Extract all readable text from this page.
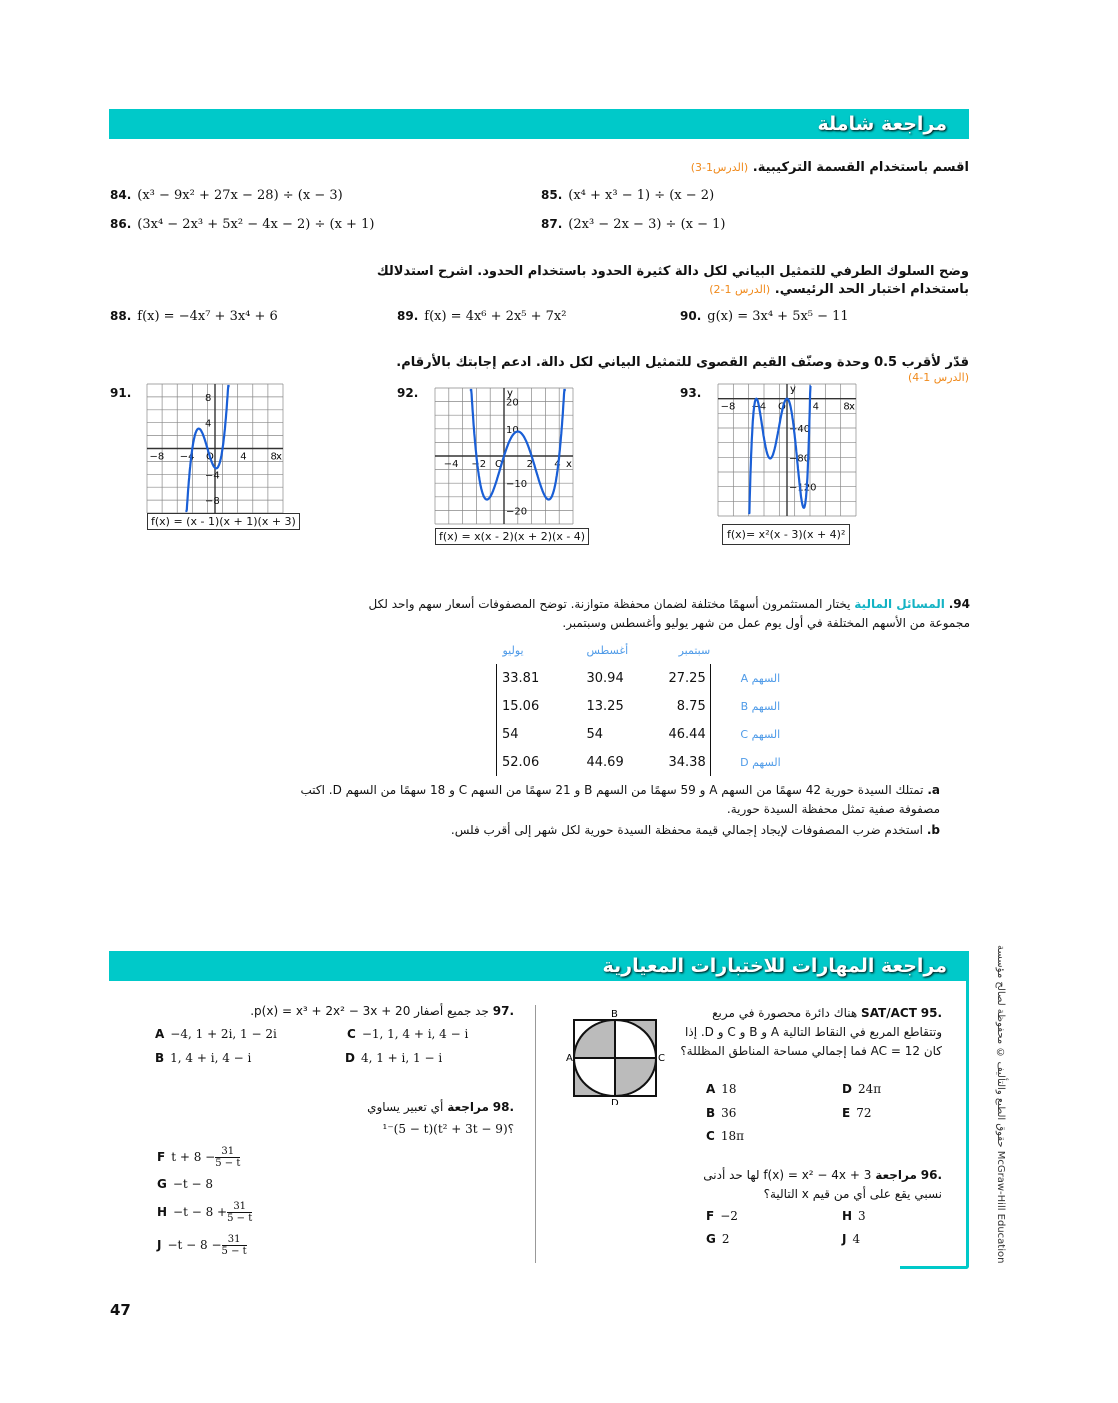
مراجعة شاملة
اقسم باستخدام القسمة التركيبية. (الدرس1-3)
84. (x³ − 9x² + 27x − 28) ÷ (x − 3)	85. (x⁴ + x³ − 1) ÷ (x − 2)
86. (3x⁴ − 2x³ + 5x² − 4x − 2) ÷ (x + 1)	87. (2x³ − 2x − 3) ÷ (x − 1)
وضح السلوك الطرفي للتمثيل البياني لكل دالة كثيرة الحدود باستخدام الحدود. اشرح استدلالك باستخدام اختبار الحد الرئيسي. (الدرس 1-2)
88. f(x) = −4x⁷ + 3x⁴ + 6	89. f(x) = 4x⁶ + 2x⁵ + 7x²	90. g(x) = 3x⁴ + 5x⁵ − 11
قدّر لأقرب 0.5 وحدة وصنّف القيم القصوى للتمثيل البياني لكل دالة. ادعم إجابتك بالأرقام. (الدرس 1-4)
91.	92.	93.
−8 −4	4 8
8
4
−4
−8
O	x
−4 −2	2 4
20
10
−10
−20
O	x
y
−8 −4	4 8
−40
−80
−120
O	x
y
f(x) = (x - 1)(x + 1)(x + 3)
f(x) = x(x - 2)(x + 2)(x - 4)	f(x)= x²(x - 3)(x + 4)²
94. المسائل المالية يختار المستثمرون أسهمًا مختلفة لضمان محفظة متوازنة. توضح المصفوفات أسعار سهم واحد لكل مجموعة من الأسهم المختلفة في أول يوم عمل من شهر يوليو وأغسطس وسبتمبر.
يوليو	أغسطس	سبتمبر	
33.81	30.94	27.25	السهم A
15.06	13.25	8.75	السهم B
54	54	46.44	السهم C
52.06	44.69	34.38	السهم D
a. تمتلك السيدة حورية 42 سهمًا من السهم A و 59 سهمًا من السهم B و 21 سهمًا من السهم C و 18 سهمًا من السهم D. اكتب مصفوفة صفية تمثل محفظة السيدة حورية.
b. استخدم ضرب المصفوفات لإيجاد إجمالي قيمة محفظة السيدة حورية لكل شهر إلى أقرب فلس.
مراجعة المهارات للاختبارات المعيارية
.95 SAT/ACT هناك دائرة محصورة في مربع وتتقاطع المربع في النقاط التالية A و B و C و D. إذا كان AC = 12 فما إجمالي مساحة المناطق المظللة؟
A
B
C
D
A 18	D 24π
B 36	E 72
C 18π
.96 مراجعة f(x) = x² − 4x + 3 لها حد أدنى نسبي يقع على أي من قيم x التالية؟
F −2	H 3
G 2	J 4
.97 جد جميع أصفار p(x) = x³ + 2x² − 3x + 20.
A −4, 1 + 2i, 1 − 2i	C −1, 1, 4 + i, 4 − i
B 1, 4 + i, 4 − i	D 4, 1 + i, 1 − i
.98 مراجعة أي تعبير يساوي
؟(t² + 3t − 9)(5 − t)⁻¹
F $t + 8 - \frac{31}{5 - t}$
G −t − 8
$H -t - 8 + \frac{31}{5 - t}$
$J -t - 8 - \frac{31}{5 - t}$
47
حقوق الطبع والتأليف © محفوظة لصالح مؤسسة McGraw-Hill Education
